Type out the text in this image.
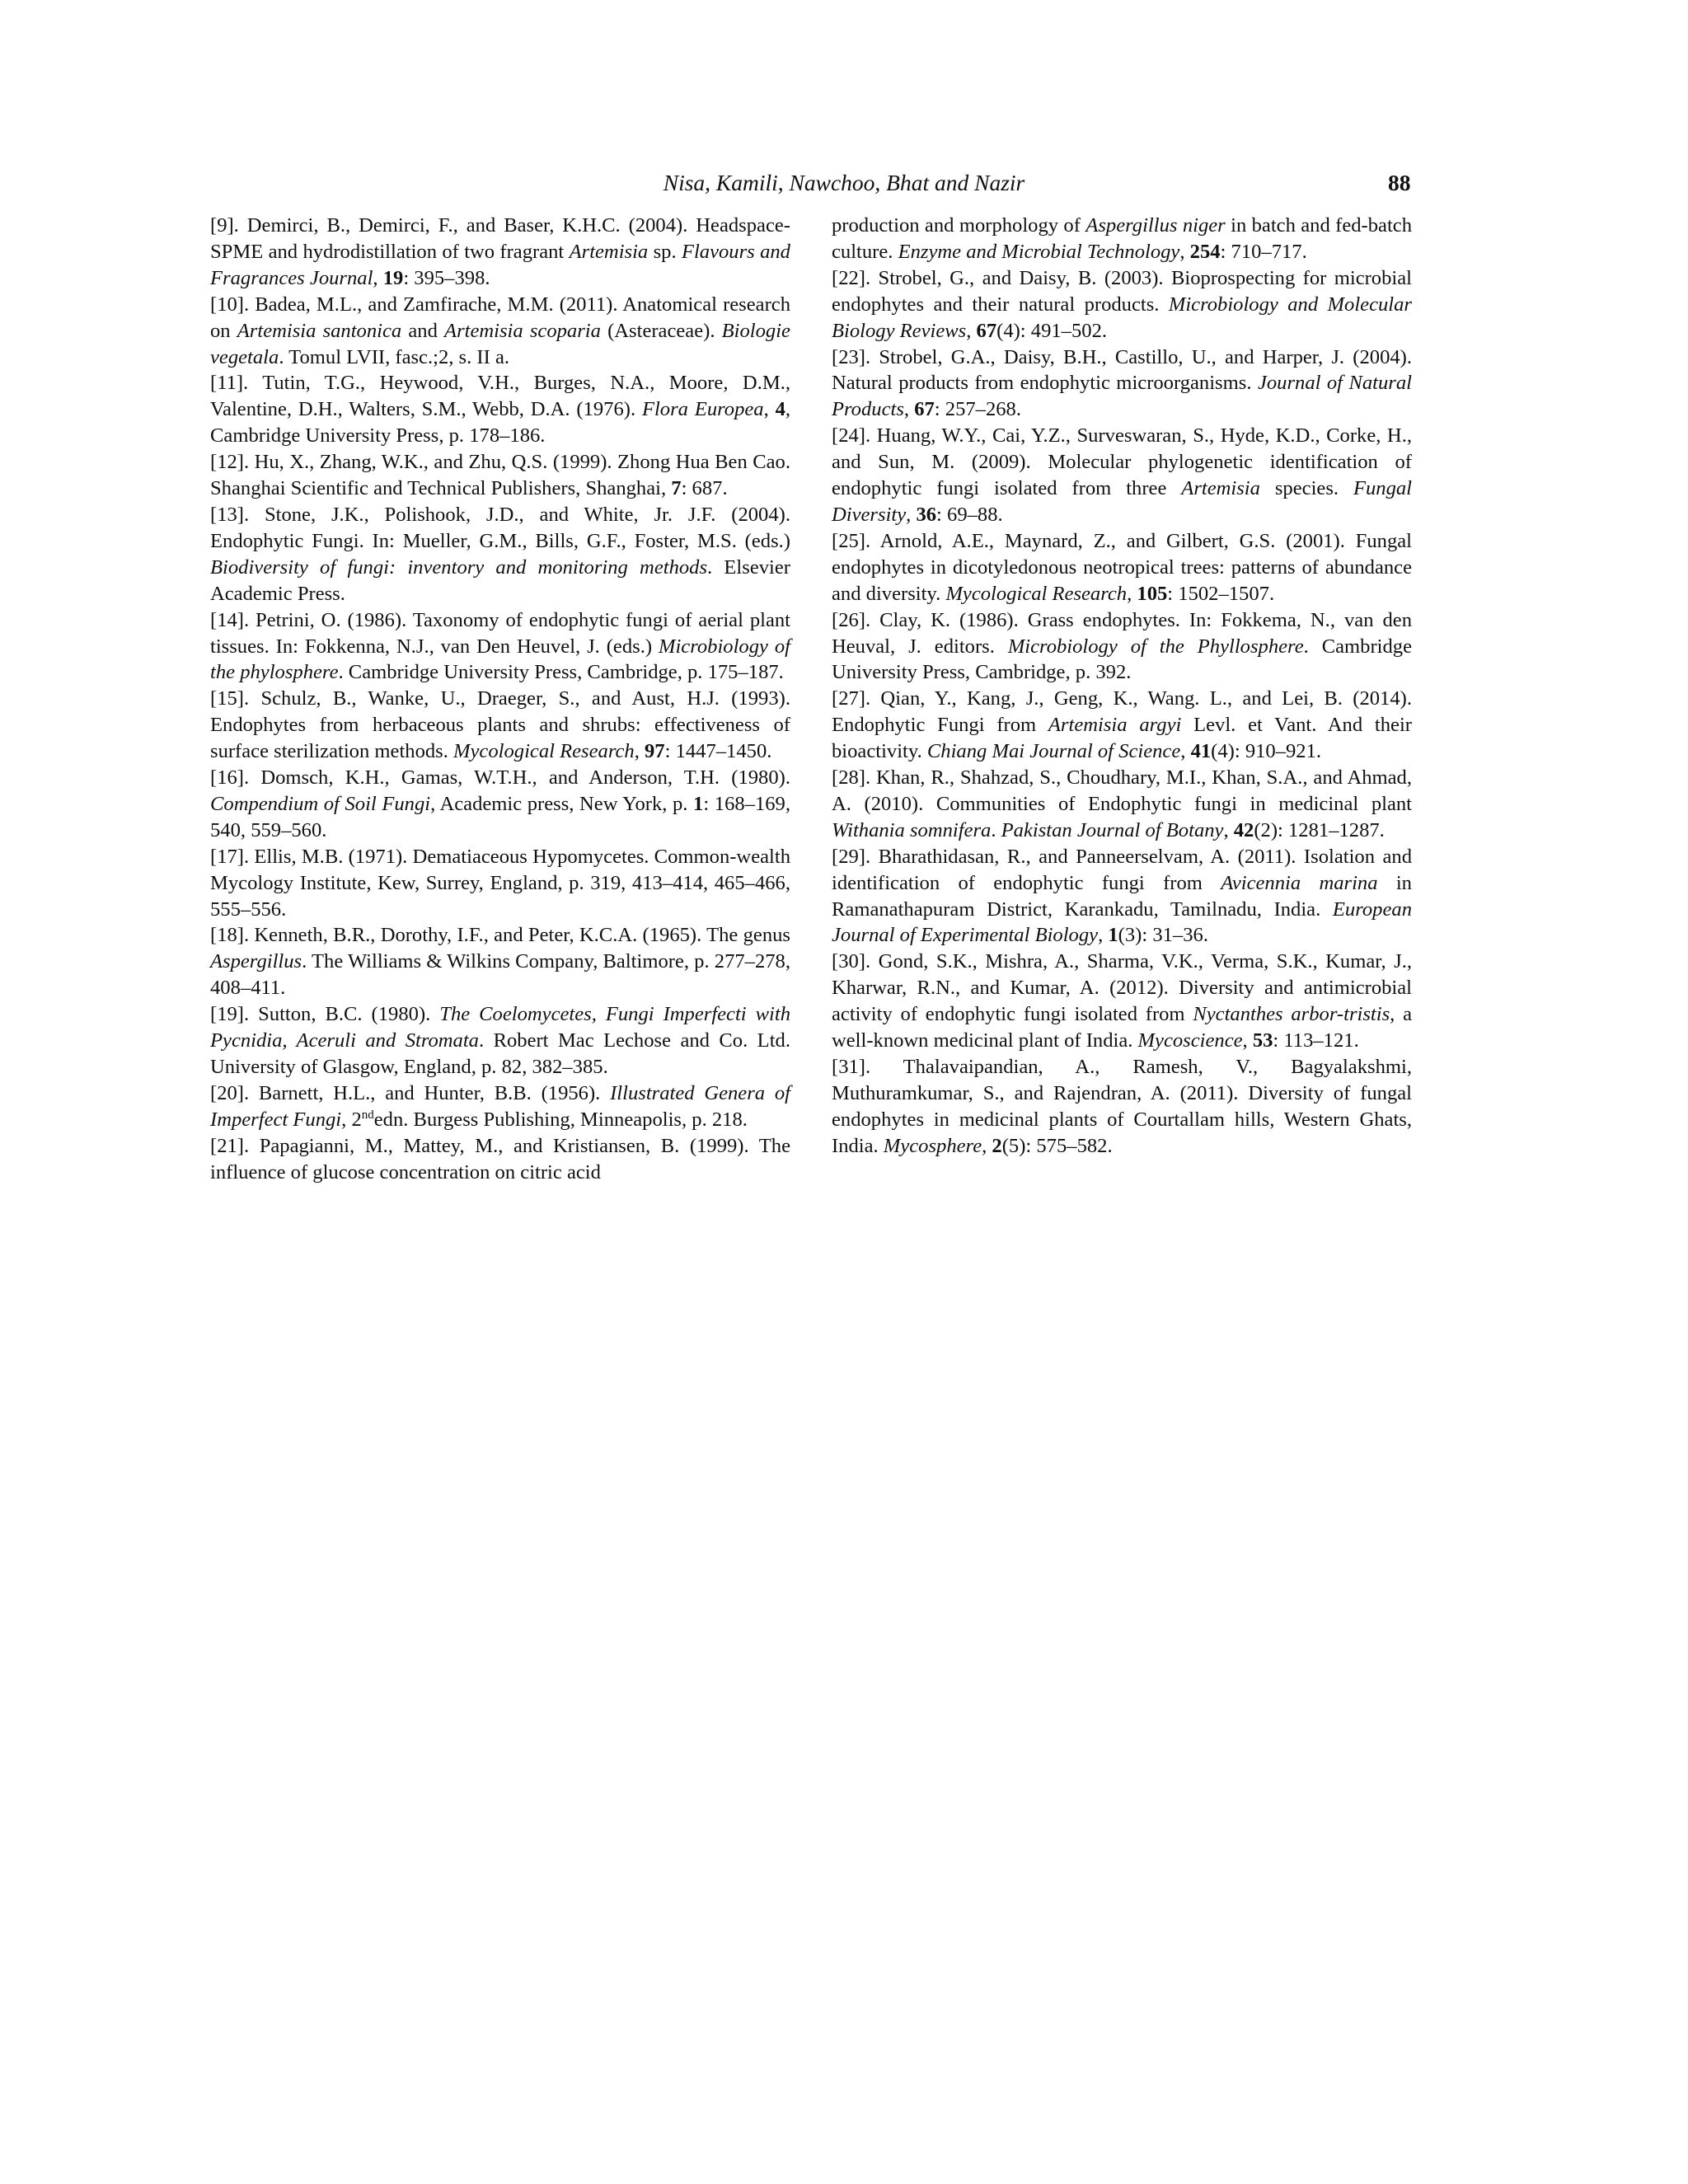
Nisa, Kamili, Nawchoo, Bhat and Nazir	88
[9]. Demirci, B., Demirci, F., and Baser, K.H.C. (2004). Headspace-SPME and hydrodistillation of two fragrant Artemisia sp. Flavours and Fragrances Journal, 19: 395–398.
[10]. Badea, M.L., and Zamfirache, M.M. (2011). Anatomical research on Artemisia santonica and Artemisia scoparia (Asteraceae). Biologie vegetala. Tomul LVII, fasc.;2, s. II a.
[11]. Tutin, T.G., Heywood, V.H., Burges, N.A., Moore, D.M., Valentine, D.H., Walters, S.M., Webb, D.A. (1976). Flora Europea, 4, Cambridge University Press, p. 178–186.
[12]. Hu, X., Zhang, W.K., and Zhu, Q.S. (1999). Zhong Hua Ben Cao. Shanghai Scientific and Technical Publishers, Shanghai, 7: 687.
[13]. Stone, J.K., Polishook, J.D., and White, Jr. J.F. (2004). Endophytic Fungi. In: Mueller, G.M., Bills, G.F., Foster, M.S. (eds.) Biodiversity of fungi: inventory and monitoring methods. Elsevier Academic Press.
[14]. Petrini, O. (1986). Taxonomy of endophytic fungi of aerial plant tissues. In: Fokkenna, N.J., van Den Heuvel, J. (eds.) Microbiology of the phylosphere. Cambridge University Press, Cambridge, p. 175–187.
[15]. Schulz, B., Wanke, U., Draeger, S., and Aust, H.J. (1993). Endophytes from herbaceous plants and shrubs: effectiveness of surface sterilization methods. Mycological Research, 97: 1447–1450.
[16]. Domsch, K.H., Gamas, W.T.H., and Anderson, T.H. (1980). Compendium of Soil Fungi, Academic press, New York, p. 1: 168–169, 540, 559–560.
[17]. Ellis, M.B. (1971). Dematiaceous Hypomycetes. Common-wealth Mycology Institute, Kew, Surrey, England, p. 319, 413–414, 465–466, 555–556.
[18]. Kenneth, B.R., Dorothy, I.F., and Peter, K.C.A. (1965). The genus Aspergillus. The Williams & Wilkins Company, Baltimore, p. 277–278, 408–411.
[19]. Sutton, B.C. (1980). The Coelomycetes, Fungi Imperfecti with Pycnidia, Aceruli and Stromata. Robert Mac Lechose and Co. Ltd. University of Glasgow, England, p. 82, 382–385.
[20]. Barnett, H.L., and Hunter, B.B. (1956). Illustrated Genera of Imperfect Fungi, 2ndedn. Burgess Publishing, Minneapolis, p. 218.
[21]. Papagianni, M., Mattey, M., and Kristiansen, B. (1999). The influence of glucose concentration on citric acid
production and morphology of Aspergillus niger in batch and fed-batch culture. Enzyme and Microbial Technology, 254: 710–717.
[22]. Strobel, G., and Daisy, B. (2003). Bioprospecting for microbial endophytes and their natural products. Microbiology and Molecular Biology Reviews, 67(4): 491–502.
[23]. Strobel, G.A., Daisy, B.H., Castillo, U., and Harper, J. (2004). Natural products from endophytic microorganisms. Journal of Natural Products, 67: 257–268.
[24]. Huang, W.Y., Cai, Y.Z., Surveswaran, S., Hyde, K.D., Corke, H., and Sun, M. (2009). Molecular phylogenetic identification of endophytic fungi isolated from three Artemisia species. Fungal Diversity, 36: 69–88.
[25]. Arnold, A.E., Maynard, Z., and Gilbert, G.S. (2001). Fungal endophytes in dicotyledonous neotropical trees: patterns of abundance and diversity. Mycological Research, 105: 1502–1507.
[26]. Clay, K. (1986). Grass endophytes. In: Fokkema, N., van den Heuval, J. editors. Microbiology of the Phyllosphere. Cambridge University Press, Cambridge, p. 392.
[27]. Qian, Y., Kang, J., Geng, K., Wang. L., and Lei, B. (2014). Endophytic Fungi from Artemisia argyi Levl. et Vant. And their bioactivity. Chiang Mai Journal of Science, 41(4): 910–921.
[28]. Khan, R., Shahzad, S., Choudhary, M.I., Khan, S.A., and Ahmad, A. (2010). Communities of Endophytic fungi in medicinal plant Withania somnifera. Pakistan Journal of Botany, 42(2): 1281–1287.
[29]. Bharathidasan, R., and Panneerselvam, A. (2011). Isolation and identification of endophytic fungi from Avicennia marina in Ramanathapuram District, Karankadu, Tamilnadu, India. European Journal of Experimental Biology, 1(3): 31–36.
[30]. Gond, S.K., Mishra, A., Sharma, V.K., Verma, S.K., Kumar, J., Kharwar, R.N., and Kumar, A. (2012). Diversity and antimicrobial activity of endophytic fungi isolated from Nyctanthes arbor-tristis, a well-known medicinal plant of India. Mycoscience, 53: 113–121.
[31]. Thalavaipandian, A., Ramesh, V., Bagyalakshmi, Muthuramkumar, S., and Rajendran, A. (2011). Diversity of fungal endophytes in medicinal plants of Courtallam hills, Western Ghats, India. Mycosphere, 2(5): 575–582.
